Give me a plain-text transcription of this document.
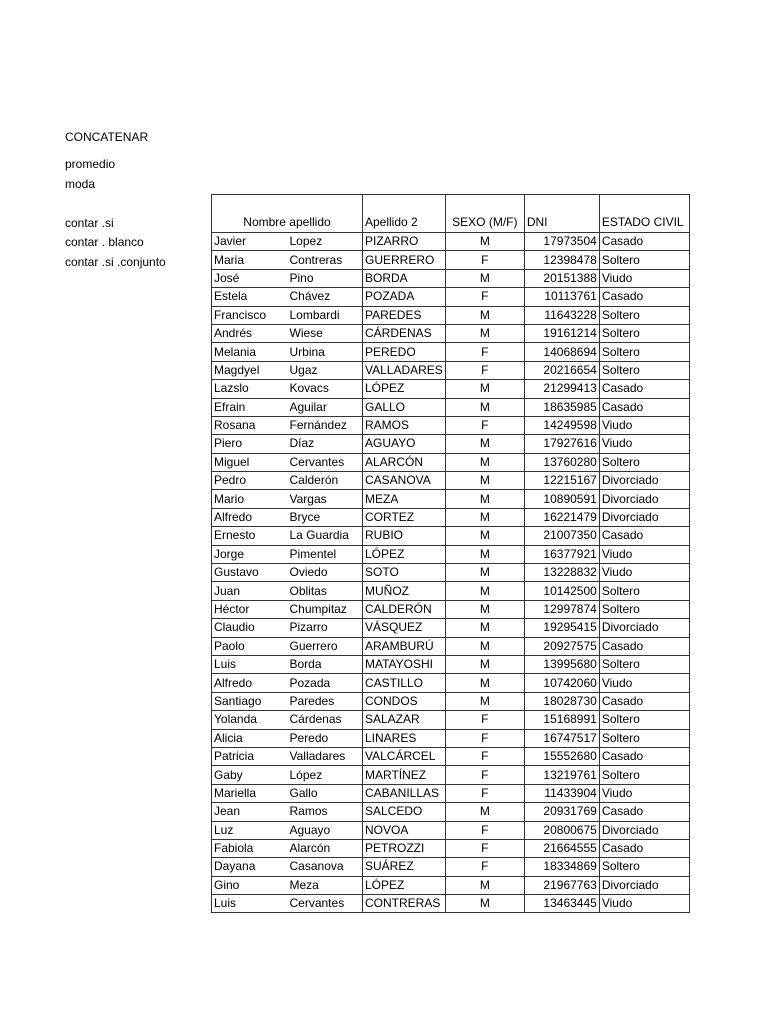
CONCATENAR
promedio
moda
contar .si
contar . blanco
contar .si .conjunto
Nombre apellido		Apellido 2	SEXO (M/F)	DNI	ESTADO CIVIL
Javier	Lopez	PIZARRO	M	17973504	Casado
Maria	Contreras	GUERRERO	F	12398478	Soltero
José	Pino	BORDA	M	20151388	Viudo
Estela	Chávez	POZADA	F	10113761	Casado
Francisco	Lombardi	PAREDES	M	11643228	Soltero
Andrés	Wiese	CÁRDENAS	M	19161214	Soltero
Melania	Urbina	PEREDO	F	14068694	Soltero
Magdyel	Ugaz	VALLADARES	F	20216654	Soltero
Lazslo	Kovacs	LÓPEZ	M	21299413	Casado
Efrain	Aguilar	GALLO	M	18635985	Casado
Rosana	Fernández	RAMOS	F	14249598	Viudo
Piero	Díaz	AGUAYO	M	17927616	Viudo
Miguel	Cervantes	ALARCÓN	M	13760280	Soltero
Pedro	Calderón	CASANOVA	M	12215167	Divorciado
Mario	Vargas	MEZA	M	10890591	Divorciado
Alfredo	Bryce	CORTEZ	M	16221479	Divorciado
Ernesto	La Guardia	RUBIO	M	21007350	Casado
Jorge	Pimentel	LÓPEZ	M	16377921	Viudo
Gustavo	Oviedo	SOTO	M	13228832	Viudo
Juan	Oblitas	MUÑOZ	M	10142500	Soltero
Héctor	Chumpitaz	CALDERÓN	M	12997874	Soltero
Claudio	Pizarro	VÁSQUEZ	M	19295415	Divorciado
Paolo	Guerrero	ARAMBURÚ	M	20927575	Casado
Luis	Borda	MATAYOSHI	M	13995680	Soltero
Alfredo	Pozada	CASTILLO	M	10742060	Viudo
Santiago	Paredes	CONDOS	M	18028730	Casado
Yolanda	Cárdenas	SALAZAR	F	15168991	Soltero
Alicia	Peredo	LINARES	F	16747517	Soltero
Patricia	Valladares	VALCÁRCEL	F	15552680	Casado
Gaby	López	MARTÍNEZ	F	13219761	Soltero
Mariella	Gallo	CABANILLAS	F	11433904	Viudo
Jean	Ramos	SALCEDO	M	20931769	Casado
Luz	Aguayo	NOVOA	F	20800675	Divorciado
Fabiola	Alarcón	PETROZZI	F	21664555	Casado
Dayana	Casanova	SUÁREZ	F	18334869	Soltero
Gino	Meza	LÓPEZ	M	21967763	Divorciado
Luis	Cervantes	CONTRERAS	M	13463445	Viudo
